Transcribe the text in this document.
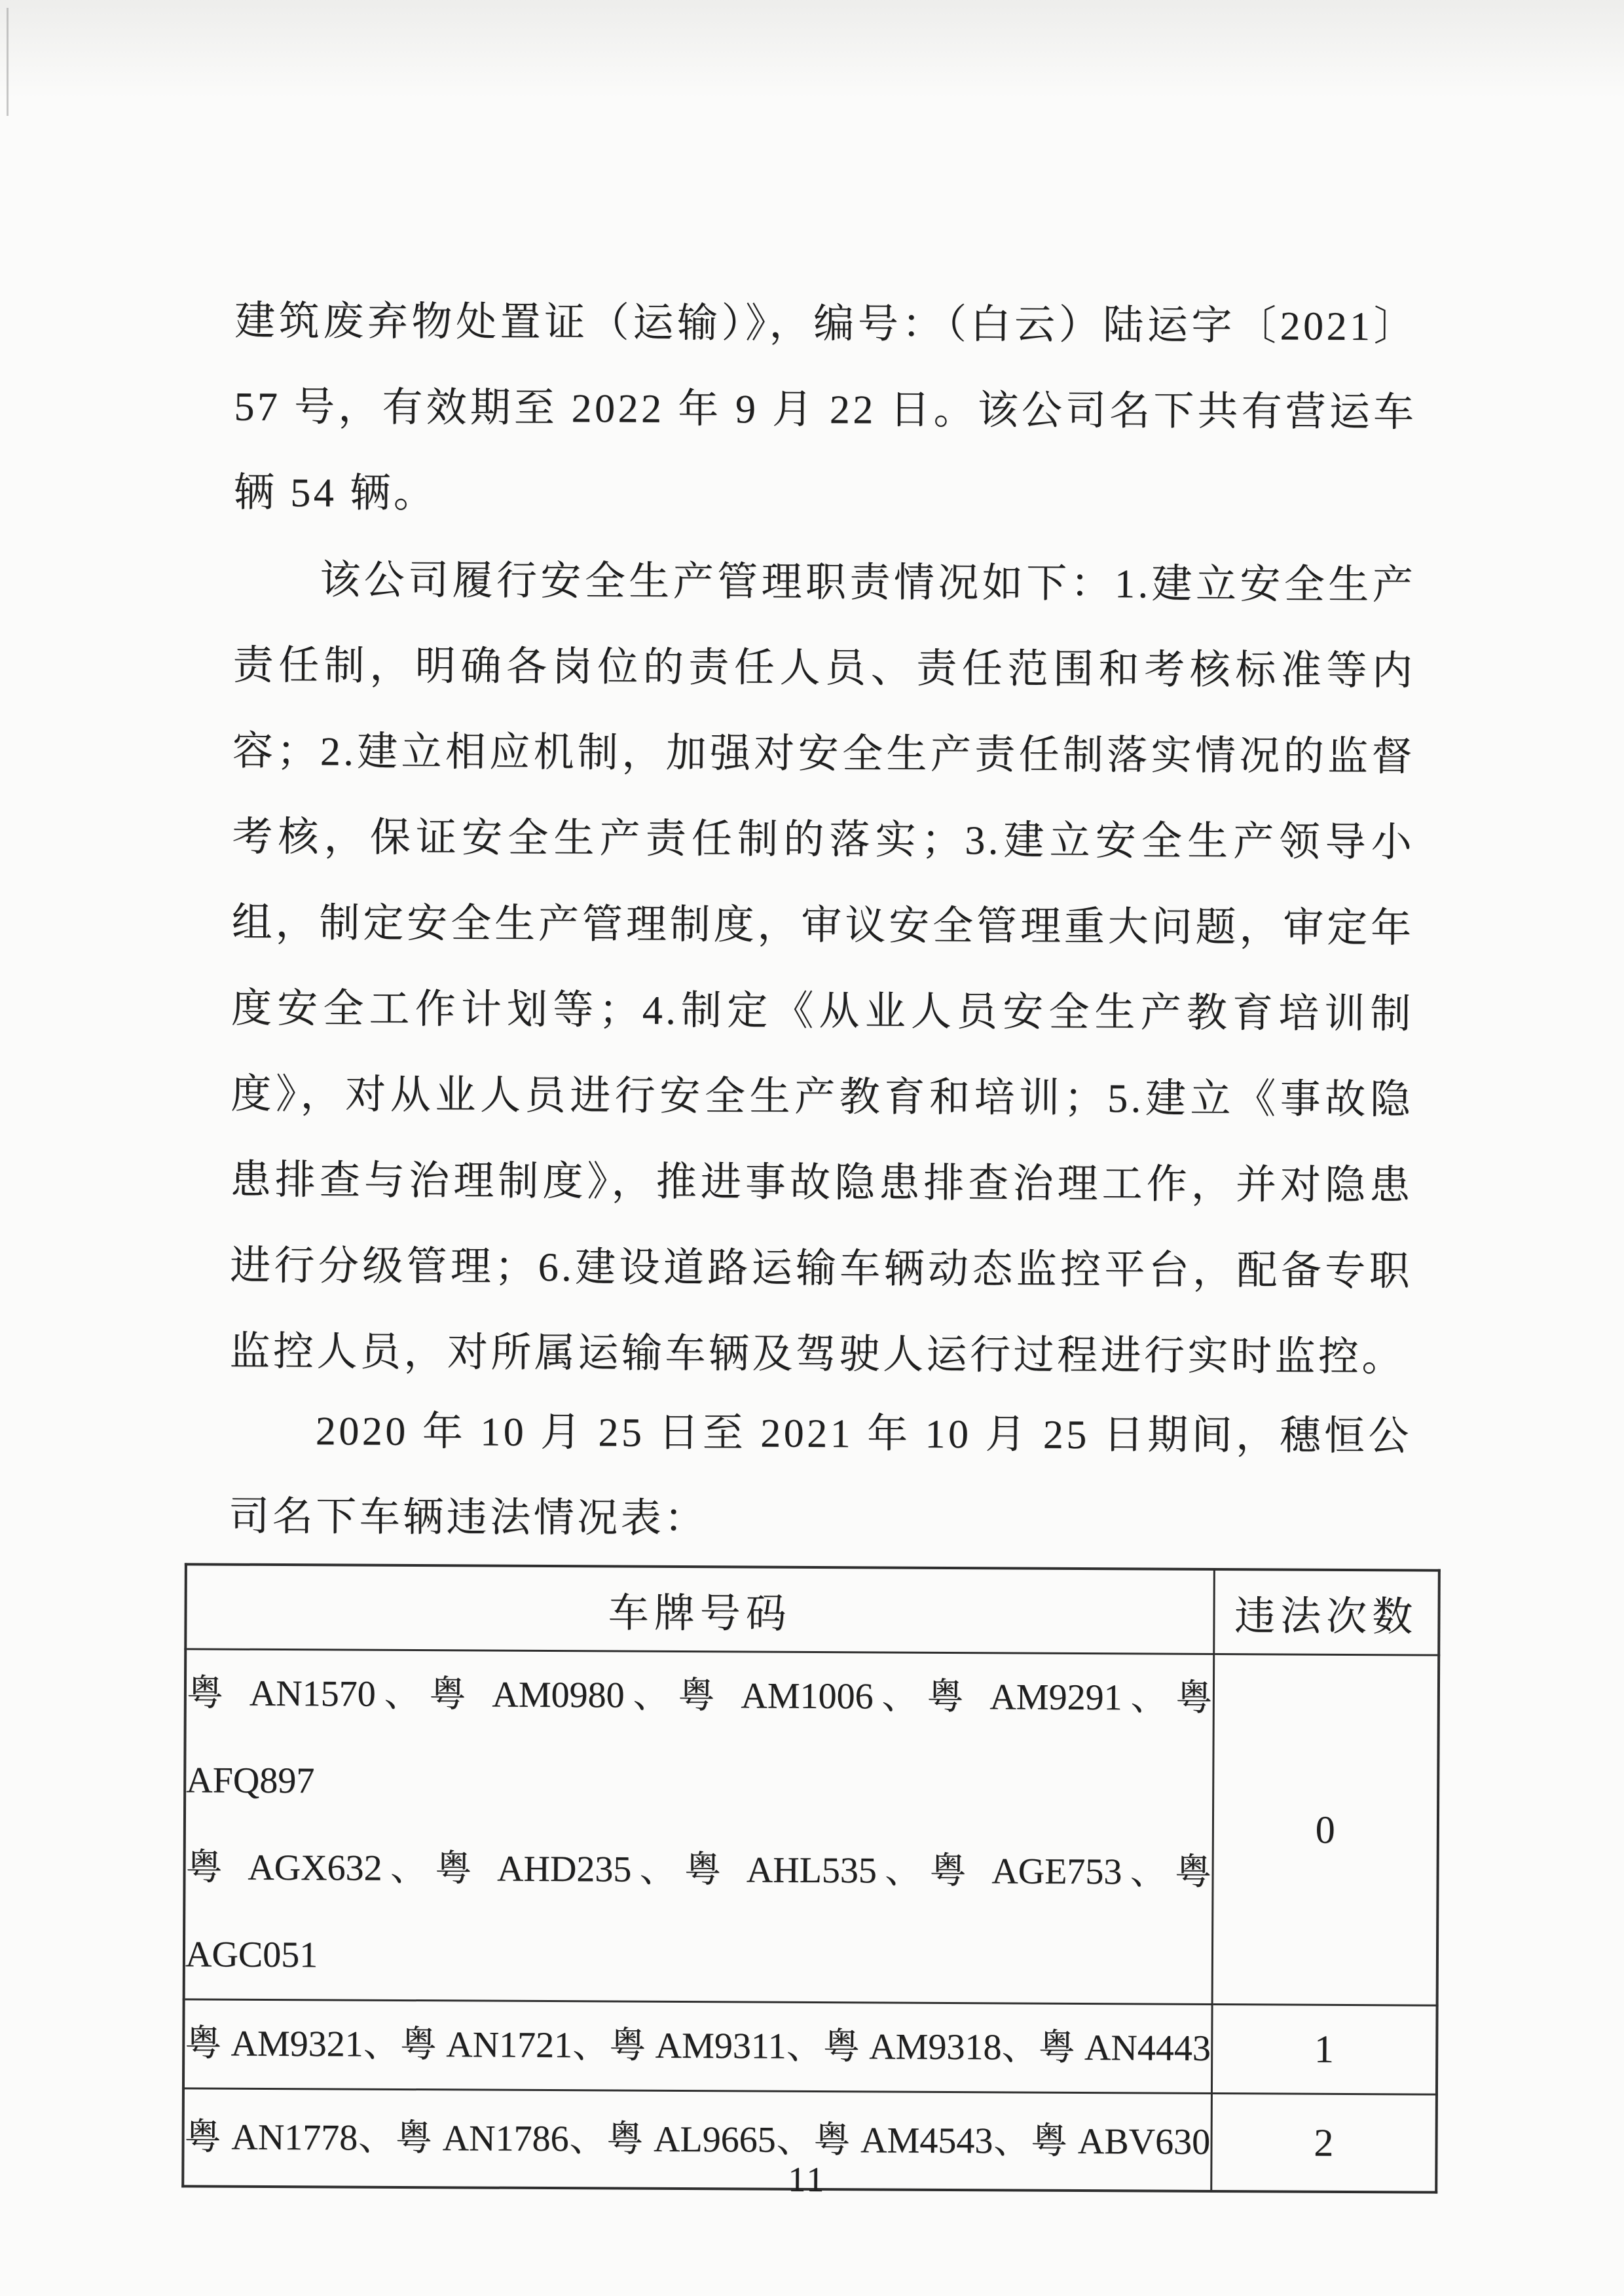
建筑废弃物处置证（运输）》，编号：（白云）陆运字〔2021〕57 号，有效期至 2022 年 9 月 22 日。该公司名下共有营运车辆 54 辆。

该公司履行安全生产管理职责情况如下：1.建立安全生产责任制，明确各岗位的责任人员、责任范围和考核标准等内容；2.建立相应机制，加强对安全生产责任制落实情况的监督考核，保证安全生产责任制的落实；3.建立安全生产领导小组，制定安全生产管理制度，审议安全管理重大问题，审定年度安全工作计划等；4.制定《从业人员安全生产教育培训制度》，对从业人员进行安全生产教育和培训；5.建立《事故隐患排查与治理制度》，推进事故隐患排查治理工作，并对隐患进行分级管理；6.建设道路运输车辆动态监控平台，配备专职监控人员，对所属运输车辆及驾驶人运行过程进行实时监控。

2020 年 10 月 25 日至 2021 年 10 月 25 日期间，穗恒公司名下车辆违法情况表：

车牌号码	违法次数

粤 AN1570、粤 AM0980、粤 AM1006、粤 AM9291、粤 AFQ897
粤 AGX632、粤 AHD235、粤 AHL535、粤 AGE753、粤 AGC051	0

粤 AM9321、粤 AN1721、粤 AM9311、粤 AM9318、粤 AN4443	1

粤 AN1778、粤 AN1786、粤 AL9665、粤 AM4543、粤 ABV630	2
11
